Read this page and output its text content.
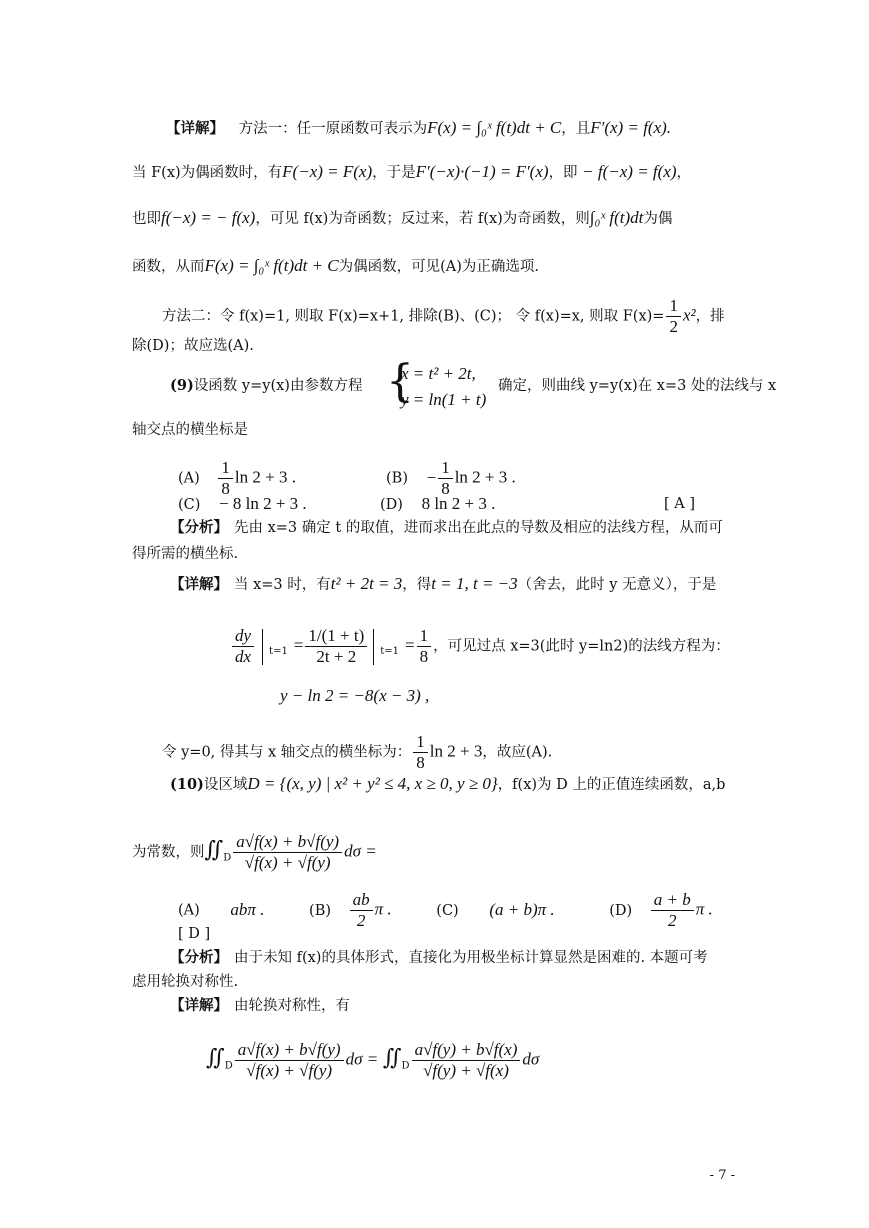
【详解】 方法一：任一原函数可表示为F(x) = ∫₀ˣ f(t)dt + C，且F′(x) = f(x).
当 F(x)为偶函数时，有F(−x) = F(x)，于是F′(−x)·(−1) = F′(x)，即 − f(−x) = f(x)，
也即f(−x) = − f(x)，可见 f(x)为奇函数；反过来，若 f(x)为奇函数，则∫₀ˣ f(t)dt为偶
函数，从而F(x) = ∫₀ˣ f(t)dt + C为偶函数，可见(A)为正确选项.
方法二：令 f(x)=1, 则取 F(x)=x+1, 排除(B)、(C)； 令 f(x)=x, 则取 $F(x)= \frac{1}{2} x^2$，排
除(D)；故应选(A).
(9)设函数 y=y(x)由参数方程 {
x = t² + 2t,
y = ln(1 + t)
确定，则曲线 y=y(x)在 x=3 处的法线与 x
轴交点的横坐标是
$(A) \frac{1}{8}$ ln 2 + 3 .	$(B) - \frac{1}{8}$ ln 2 + 3 .
(C) − 8 ln 2 + 3 .	(D) 8 ln 2 + 3 .	[ A ]
【分析】 先由 x=3 确定 t 的取值，进而求出在此点的导数及相应的法线方程，从而可
得所需的横坐标.
【详解】 当 x=3 时，有t² + 2t = 3，得t = 1, t = −3（舍去，此时 y 无意义），于是
$\frac{dy}{dx} _{t=1} = \frac{1/(1 + t)}{2t + 2} _{t=1} = \frac{1}{8}$ ，可见过点 x=3(此时 y=ln2)的法线方程为：
y − ln 2 = −8(x − 3) ,
令 y=0, 得其与 x 轴交点的横坐标为： $\frac{1}{8}$ ln 2 + 3，故应(A).
(10)设区域D = {(x, y) | x² + y² ≤ 4, x ≥ 0, y ≥ 0}，f(x)为 D 上的正值连续函数，a,b
为常数，则$∬_D \frac{a√f(x) + b√f(y)}{√f(x) + √f(y)}$ dσ =
(A) abπ .	$(B) \frac{ab}{2}$ π .	(C) (a + b)π .	$(D) \frac{a + b}{2}$ π .
[ D ]
【分析】 由于未知 f(x)的具体形式，直接化为用极坐标计算显然是困难的. 本题可考
虑用轮换对称性.
【详解】 由轮换对称性，有
$∬_D \frac{a√f(x) + b√f(y)}{√f(x) + √f(y)}$ $d\sigma = ∬_D \frac{a√f(y) + b√f(x)}{√f(y) + √f(x)}$ dσ
- 7 -
